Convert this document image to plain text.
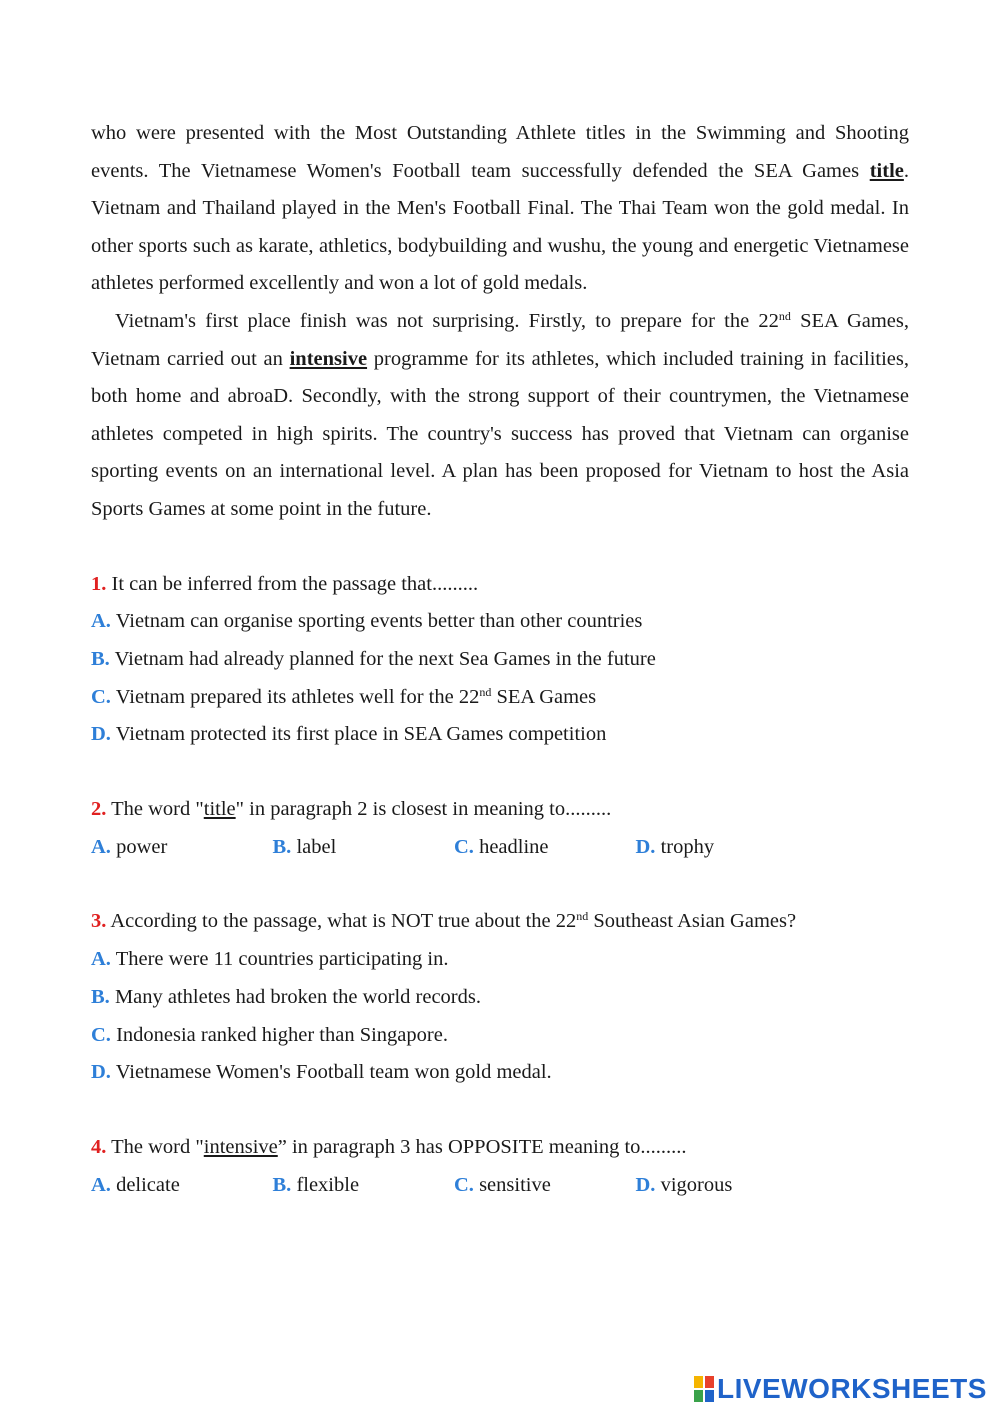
who were presented with the Most Outstanding Athlete titles in the Swimming and Shooting events. The Vietnamese Women's Football team successfully defended the SEA Games title. Vietnam and Thailand played in the Men's Football Final. The Thai Team won the gold medal. In other sports such as karate, athletics, bodybuilding and wushu, the young and energetic Vietnamese athletes performed excellently and won a lot of gold medals.

Vietnam's first place finish was not surprising. Firstly, to prepare for the 22nd SEA Games, Vietnam carried out an intensive programme for its athletes, which included training in facilities, both home and abroaD. Secondly, with the strong support of their countrymen, the Vietnamese athletes competed in high spirits. The country's success has proved that Vietnam can organise sporting events on an international level. A plan has been proposed for Vietnam to host the Asia Sports Games at some point in the future.

1. It can be inferred from the passage that.........
A. Vietnam can organise sporting events better than other countries
B. Vietnam had already planned for the next Sea Games in the future
C. Vietnam prepared its athletes well for the 22nd SEA Games
D. Vietnam protected its first place in SEA Games competition
2. The word "title" in paragraph 2 is closest in meaning to.........
A. power	B. label	C. headline	D. trophy
3. According to the passage, what is NOT true about the 22nd Southeast Asian Games?
A. There were 11 countries participating in.
B. Many athletes had broken the world records.
C. Indonesia ranked higher than Singapore.
D. Vietnamese Women's Football team won gold medal.
4. The word "intensive” in paragraph 3 has OPPOSITE meaning to.........
A. delicate	B. flexible	C. sensitive	D. vigorous
LIVEWORKSHEETS
